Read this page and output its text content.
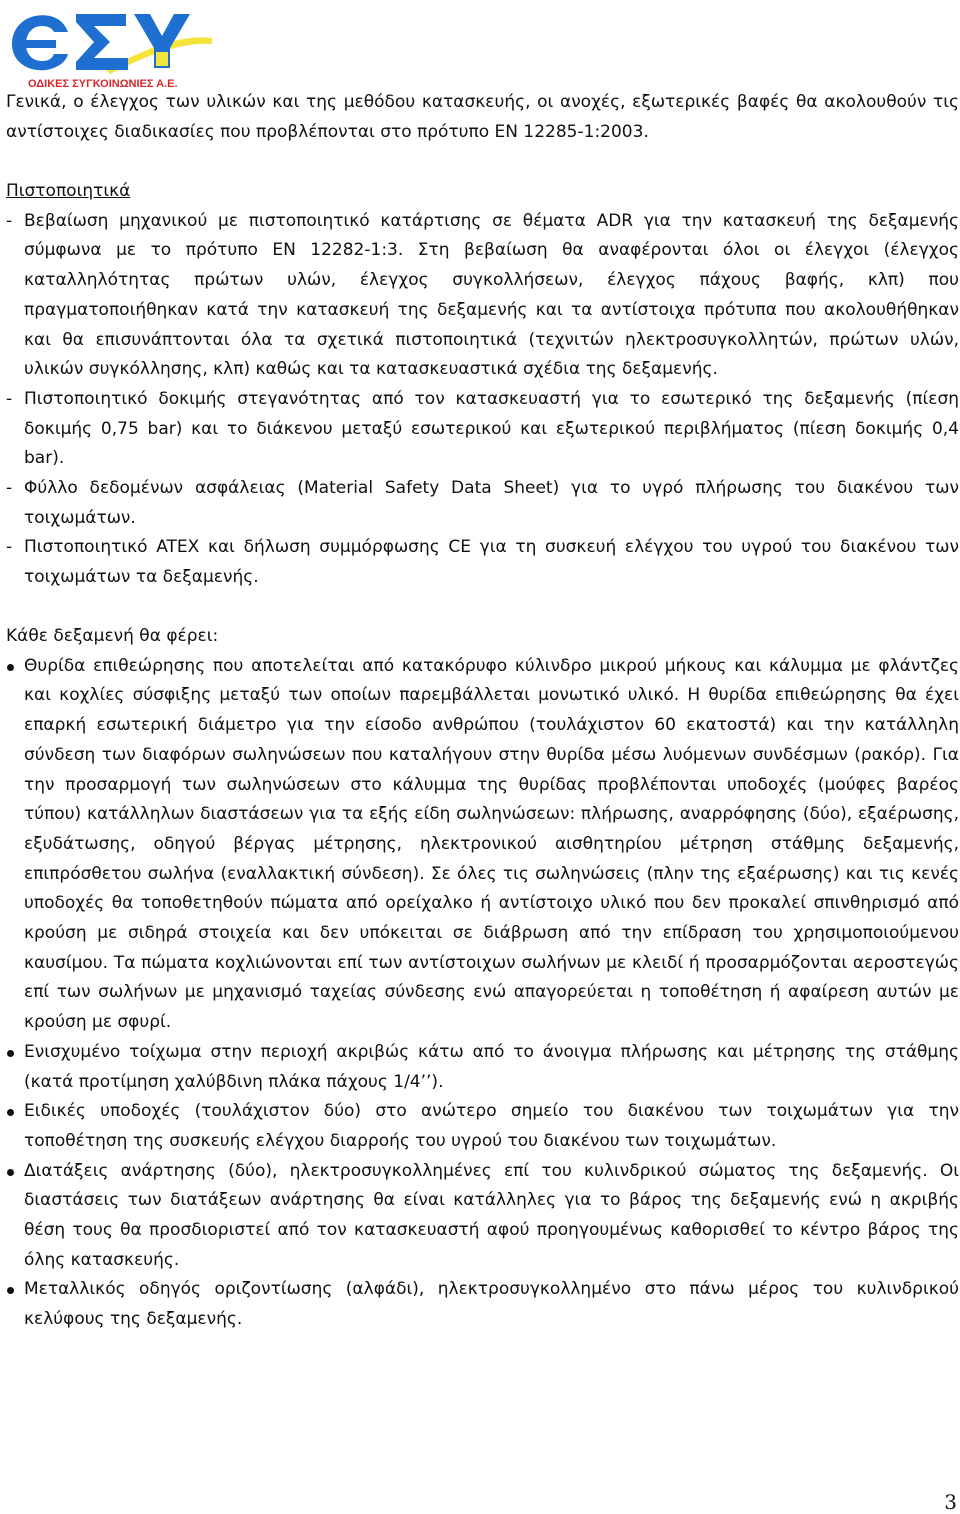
ΟΔΙΚΕΣ ΣΥΓΚΟΙΝΩΝΙΕΣ Α.Ε.

Γενικά, ο έλεγχος των υλικών και της μεθόδου κατασκευής, οι ανοχές, εξωτερικές βαφές θα ακολουθούν τις αντίστοιχες διαδικασίες που προβλέπονται στο πρότυπο ΕΝ 12285-1:2003.

Πιστοποιητικά

- Βεβαίωση μηχανικού με πιστοποιητικό κατάρτισης σε θέματα ADR για την κατασκευή της δεξαμενής σύμφωνα με το πρότυπο ΕΝ 12282-1:3. Στη βεβαίωση θα αναφέρονται όλοι οι έλεγχοι (έλεγχος καταλληλότητας πρώτων υλών, έλεγχος συγκολλήσεων, έλεγχος πάχους βαφής, κλπ) που πραγματοποιήθηκαν κατά την κατασκευή της δεξαμενής και τα αντίστοιχα πρότυπα που ακολουθήθηκαν και θα επισυνάπτονται όλα τα σχετικά πιστοποιητικά (τεχνιτών ηλεκτροσυγκολλητών, πρώτων υλών, υλικών συγκόλλησης, κλπ) καθώς και τα κατασκευαστικά σχέδια της δεξαμενής.
- Πιστοποιητικό δοκιμής στεγανότητας από τον κατασκευαστή για το εσωτερικό της δεξαμενής (πίεση δοκιμής 0,75 bar) και το διάκενου μεταξύ εσωτερικού και εξωτερικού περιβλήματος (πίεση δοκιμής 0,4 bar).
- Φύλλο δεδομένων ασφάλειας (Material Safety Data Sheet) για το υγρό πλήρωσης του διακένου των τοιχωμάτων.
- Πιστοποιητικό ATEX και δήλωση συμμόρφωσης CE για τη συσκευή ελέγχου του υγρού του διακένου των τοιχωμάτων τα δεξαμενής.

Κάθε δεξαμενή θα φέρει:

Θυρίδα επιθεώρησης που αποτελείται από κατακόρυφο κύλινδρο μικρού μήκους και κάλυμμα με φλάντζες και κοχλίες σύσφιξης μεταξύ των οποίων παρεμβάλλεται μονωτικό υλικό. Η θυρίδα επιθεώρησης θα έχει επαρκή εσωτερική διάμετρο για την είσοδο ανθρώπου (τουλάχιστον 60 εκατοστά) και την κατάλληλη σύνδεση των διαφόρων σωληνώσεων που καταλήγουν στην θυρίδα μέσω λυόμενων συνδέσμων (ρακόρ). Για την προσαρμογή των σωληνώσεων στο κάλυμμα της θυρίδας προβλέπονται υποδοχές (μούφες βαρέος τύπου) κατάλληλων διαστάσεων για τα εξής είδη σωληνώσεων: πλήρωσης, αναρρόφησης (δύο), εξαέρωσης, εξυδάτωσης, οδηγού βέργας μέτρησης, ηλεκτρονικού αισθητηρίου μέτρηση στάθμης δεξαμενής, επιπρόσθετου σωλήνα (εναλλακτική σύνδεση). Σε όλες τις σωληνώσεις (πλην της εξαέρωσης) και τις κενές υποδοχές θα τοποθετηθούν πώματα από ορείχαλκο ή αντίστοιχο υλικό που δεν προκαλεί σπινθηρισμό από κρούση με σιδηρά στοιχεία και δεν υπόκειται σε διάβρωση από την επίδραση του χρησιμοποιούμενου καυσίμου. Τα πώματα κοχλιώνονται επί των αντίστοιχων σωλήνων με κλειδί ή προσαρμόζονται αεροστεγώς επί των σωλήνων με μηχανισμό ταχείας σύνδεσης ενώ απαγορεύεται η τοποθέτηση ή αφαίρεση αυτών με κρούση με σφυρί.
Ενισχυμένο τοίχωμα στην περιοχή ακριβώς κάτω από το άνοιγμα πλήρωσης και μέτρησης της στάθμης (κατά προτίμηση χαλύβδινη πλάκα πάχους 1/4’’).
Ειδικές υποδοχές (τουλάχιστον δύο) στο ανώτερο σημείο του διακένου των τοιχωμάτων για την τοποθέτηση της συσκευής ελέγχου διαρροής του υγρού του διακένου των τοιχωμάτων.
Διατάξεις ανάρτησης (δύο), ηλεκτροσυγκολλημένες επί του κυλινδρικού σώματος της δεξαμενής. Οι διαστάσεις των διατάξεων ανάρτησης θα είναι κατάλληλες για το βάρος της δεξαμενής ενώ η ακριβής θέση τους θα προσδιοριστεί από τον κατασκευαστή αφού προηγουμένως καθορισθεί το κέντρο βάρος της όλης κατασκευής.
Μεταλλικός οδηγός οριζοντίωσης (αλφάδι), ηλεκτροσυγκολλημένο στο πάνω μέρος του κυλινδρικού κελύφους της δεξαμενής.
3
